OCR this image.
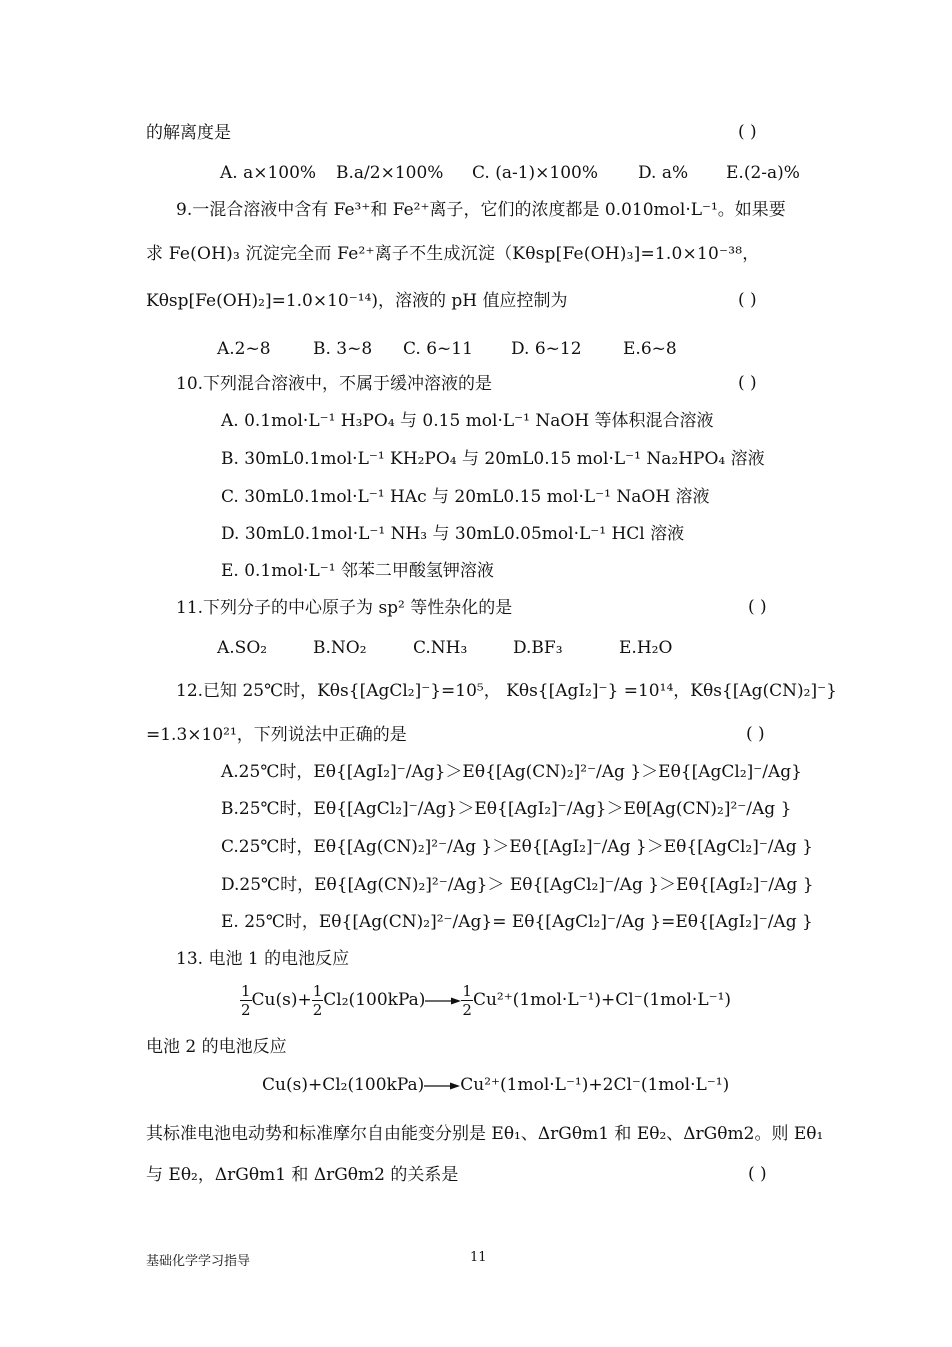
的解离度是	( )
A. a×100% B.a/2×100% C. (a-1)×100% D. a% E.(2-a)%
9.一混合溶液中含有 Fe³⁺和 Fe²⁺离子，它们的浓度都是 0.010mol·L⁻¹。如果要
求 Fe(OH)₃ 沉淀完全而 Fe²⁺离子不生成沉淀（Kθsp[Fe(OH)₃]=1.0×10⁻³⁸，
Kθsp[Fe(OH)₂]=1.0×10⁻¹⁴)，溶液的 pH 值应控制为	( )
A.2~8 B. 3~8 C. 6~11 D. 6~12 E.6~8
10.下列混合溶液中，不属于缓冲溶液的是	( )
A. 0.1mol·L⁻¹ H₃PO₄ 与 0.15 mol·L⁻¹ NaOH 等体积混合溶液
B. 30mL0.1mol·L⁻¹ KH₂PO₄ 与 20mL0.15 mol·L⁻¹ Na₂HPO₄ 溶液
C. 30mL0.1mol·L⁻¹ HAc 与 20mL0.15 mol·L⁻¹ NaOH 溶液
D. 30mL0.1mol·L⁻¹ NH₃ 与 30mL0.05mol·L⁻¹ HCl 溶液
E. 0.1mol·L⁻¹ 邻苯二甲酸氢钾溶液
11.下列分子的中心原子为 sp² 等性杂化的是	( )
A.SO₂	B.NO₂	C.NH₃	D.BF₃	E.H₂O
12.已知 25℃时，Kθs{[AgCl₂]⁻}=10⁵， Kθs{[AgI₂]⁻} =10¹⁴，Kθs{[Ag(CN)₂]⁻}
=1.3×10²¹，下列说法中正确的是	( )
A.25℃时，Eθ{[AgI₂]⁻/Ag}＞Eθ{[Ag(CN)₂]²⁻/Ag }＞Eθ{[AgCl₂]⁻/Ag}
B.25℃时，Eθ{[AgCl₂]⁻/Ag}＞Eθ{[AgI₂]⁻/Ag}＞Eθ[Ag(CN)₂]²⁻/Ag }
C.25℃时，Eθ{[Ag(CN)₂]²⁻/Ag }＞Eθ{[AgI₂]⁻/Ag }＞Eθ{[AgCl₂]⁻/Ag }
D.25℃时，Eθ{[Ag(CN)₂]²⁻/Ag}＞ Eθ{[AgCl₂]⁻/Ag }＞Eθ{[AgI₂]⁻/Ag }
E. 25℃时，Eθ{[Ag(CN)₂]²⁻/Ag}= Eθ{[AgCl₂]⁻/Ag }=Eθ{[AgI₂]⁻/Ag }
13. 电池 1 的电池反应
$\frac{1}{2} Cu(s)+ \frac{1}{2} Cl_2(100kPa)\to \frac{1}{2} Cu^{2+}(1mol\cdot L^{-1})+Cl^-(1mol\cdot L^{-1})$
电池 2 的电池反应
Cu(s)+Cl₂(100kPa)→Cu²⁺(1mol·L⁻¹)+2Cl⁻(1mol·L⁻¹)
其标准电池电动势和标准摩尔自由能变分别是 Eθ₁、ΔrGθm1 和 Eθ₂、ΔrGθm2。则 Eθ₁
与 Eθ₂，ΔrGθm1 和 ΔrGθm2 的关系是	( )
基础化学学习指导	11
